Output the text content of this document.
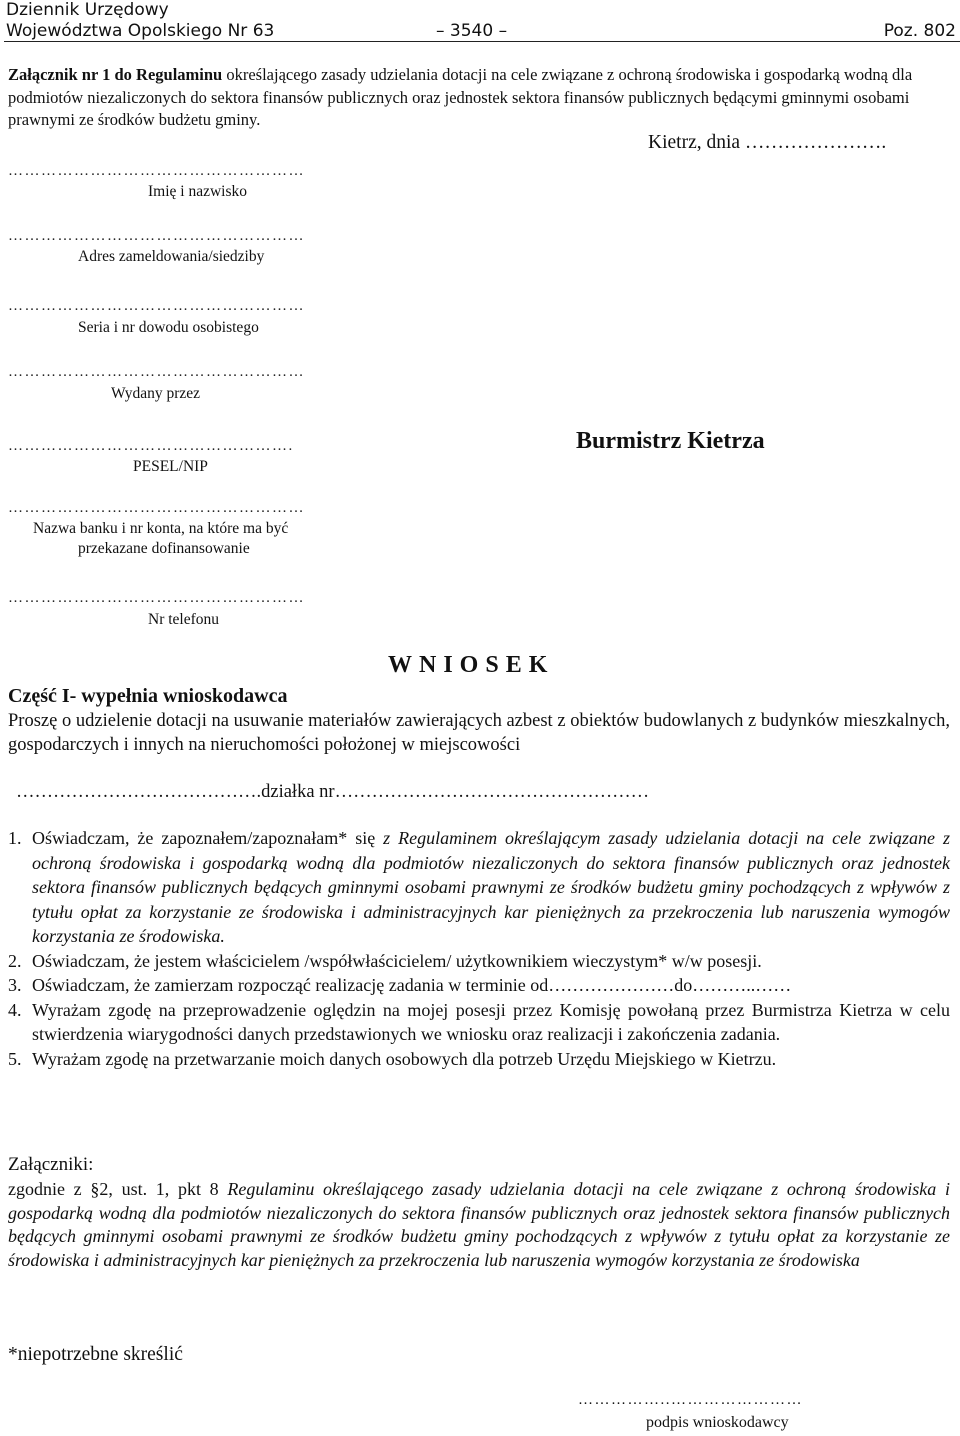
Dziennik Urzędowy
Województwa Opolskiego Nr 63	– 3540 –	Poz. 802
Załącznik nr 1 do Regulaminu określającego zasady udzielania dotacji na cele związane z ochroną środowiska i gospodarką wodną dla podmiotów niezaliczonych do sektora finansów publicznych oraz jednostek sektora finansów publicznych będącymi gminnymi osobami prawnymi ze środków budżetu gminy.
Kietrz, dnia ………………….
………………………………………………
Imię i nazwisko
………………………………………………
Adres zameldowania/siedziby
………………………………………………
Seria i nr dowodu osobistego
………………………………………………
Wydany przez
…………………………………………….
PESEL/NIP
Burmistrz Kietrza
………………………………………………
Nazwa banku i nr konta, na które ma być
przekazane dofinansowanie
………………………………………………
Nr telefonu
WNIOSEK
Część I- wypełnia wnioskodawca
Proszę o udzielenie dotacji na usuwanie materiałów zawierających azbest z obiektów budowlanych z budynków mieszkalnych, gospodarczych i innych na nieruchomości położonej w miejscowości
………………………………….działka nr……………………………………………
1. Oświadczam, że zapoznałem/zapoznałam* się z Regulaminem określającym zasady udzielania dotacji na cele związane z ochroną środowiska i gospodarką wodną dla podmiotów niezaliczonych do sektora finansów publicznych oraz jednostek sektora finansów publicznych będących gminnymi osobami prawnymi ze środków budżetu gminy pochodzących z wpływów z tytułu opłat za korzystanie ze środowiska i administracyjnych kar pieniężnych za przekroczenia lub naruszenia wymogów korzystania ze środowiska.
2. Oświadczam, że jestem właścicielem /współwłaścicielem/ użytkownikiem wieczystym* w/w posesji.
3. Oświadczam, że zamierzam rozpocząć realizację zadania w terminie od…………………do………..……
4. Wyrażam zgodę na przeprowadzenie oględzin na mojej posesji przez Komisję powołaną przez Burmistrza Kietrza w celu stwierdzenia wiarygodności danych przedstawionych we wniosku oraz realizacji i zakończenia zadania.
5. Wyrażam zgodę na przetwarzanie moich danych osobowych dla potrzeb Urzędu Miejskiego w Kietrzu.
Załączniki:
zgodnie z §2, ust. 1, pkt 8 Regulaminu określającego zasady udzielania dotacji na cele związane z ochroną środowiska i gospodarką wodną dla podmiotów niezaliczonych do sektora finansów publicznych oraz jednostek sektora finansów publicznych będących gminnymi osobami prawnymi ze środków budżetu gminy pochodzących z wpływów z tytułu opłat za korzystanie ze środowiska i administracyjnych kar pieniężnych za przekroczenia lub naruszenia wymogów korzystania ze środowiska
*niepotrzebne skreślić
……………..……………………
podpis wnioskodawcy
